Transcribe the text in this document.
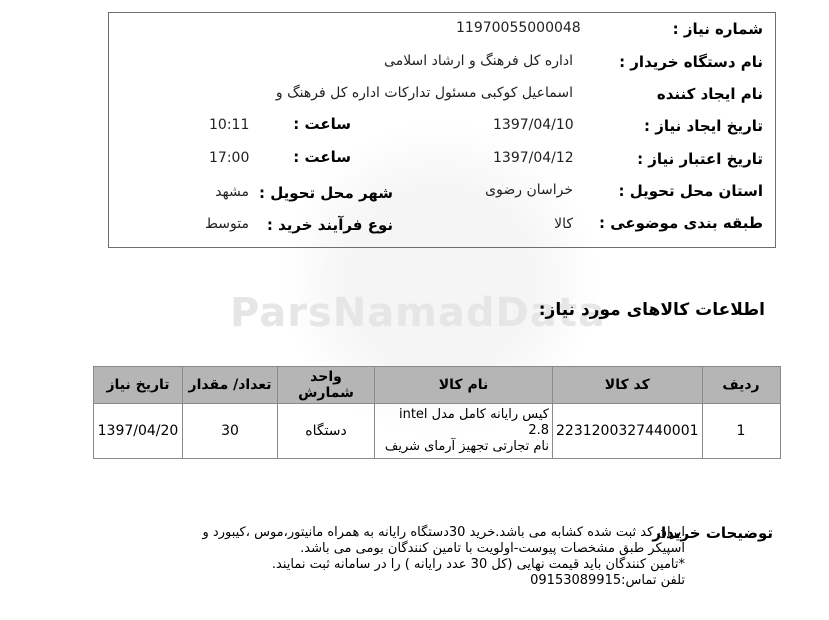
ParsNamadData
شماره نیاز :
11970055000048
نام دستگاه خریدار :
اداره کل فرهنگ و ارشاد اسلامی
نام ایجاد کننده
اسماعیل کوکبی مسئول تدارکات اداره کل فرهنگ و
تاریخ ایجاد نیاز :
1397/04/10
ساعت :
10:11
تاریخ اعتبار نیاز :
1397/04/12
ساعت :
17:00
استان محل تحویل :
خراسان رضوی
شهر محل تحویل :
مشهد
طبقه بندی موضوعی :
کالا
نوع فرآیند خرید :
متوسط
اطلاعات کالاهای مورد نیاز:
ردیف	کد کالا	نام کالا	واحد شمارش	تعداد/ مقدار	تاریخ نیاز
1	2231200327440001	کیس رایانه کامل مدل intel 2.8
نام تجارتی تجهیز آرمای شریف	دستگاه	30	1397/04/20
توضیحات خریدار
ایران کد ثبت شده کشابه می باشد.خرید 30دستگاه رایانه به همراه مانیتور،موس ،کیبورد و
اسپیکر طبق مشخصات پیوست-اولویت با تامین کنندگان بومی می باشد.
*تامین کنندگان باید قیمت نهایی (کل 30 عدد رایانه ) را در سامانه ثبت نمایند.
تلفن تماس:09153089915
